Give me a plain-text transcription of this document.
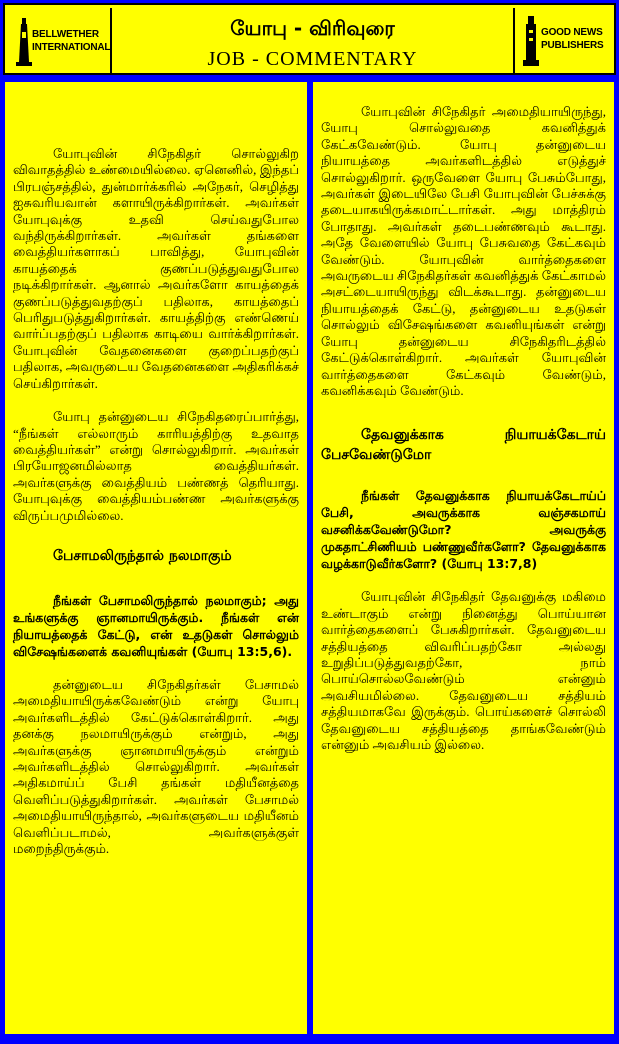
BELLWETHER
INTERNATIONAL
யோபு - விரிவுரை
JOB - COMMENTARY
GOOD NEWS
PUBLISHERS

யோபுவின் சிநேகிதர் சொல்லுகிற விவாதத்தில் உண்மையில்லை. ஏனெனில், இந்தப் பிரபஞ்சத்தில், துன்மார்க்கரில் அநேகர், செழித்து ஐசுவரியவான் களாயிருக்கிறார்கள். அவர்கள் யோபுவுக்கு உதவி செய்வதுபோல வந்திருக்கிறார்கள். அவர்கள் தங்களை வைத்தியர்களாகப் பாவித்து, யோபுவின் காயத்தைக் குணப்படுத்துவதுபோல நடிக்கிறார்கள். ஆனால் அவர்களோ காயத்தைக் குணப்படுத்துவதற்குப் பதிலாக, காயத்தைப் பெரிதுபடுத்துகிறார்கள். காயத்திற்கு எண்ணெய் வார்ப்பதற்குப் பதிலாக காடியை வார்க்கிறார்கள். யோபுவின் வேதனைகளை குறைப்பதற்குப் பதிலாக, அவருடைய வேதனைகளை அதிகரிக்கச் செய்கிறார்கள்.

யோபு தன்னுடைய சிநேகிதரைப்பார்த்து, “நீங்கள் எல்லாரும் காரியத்திற்கு உதவாத வைத்தியர்கள்” என்று சொல்லுகிறார். அவர்கள் பிரயோஜனமில்லாத வைத்தியர்கள். அவர்களுக்கு வைத்தியம் பண்ணத் தெரியாது. யோபுவுக்கு வைத்தியம்பண்ண அவர்களுக்கு விருப்பமுமில்லை.

பேசாமலிருந்தால் நலமாகும்

நீங்கள் பேசாமலிருந்தால் நலமாகும்; அது உங்களுக்கு ஞானமாயிருக்கும். நீங்கள் என் நியாயத்தைக் கேட்டு, என் உதடுகள் சொல்லும் விசேஷங்களைக் கவனியுங்கள் (யோபு 13:5,6).

தன்னுடைய சிநேகிதர்கள் பேசாமல் அமைதியாயிருக்கவேண்டும் என்று யோபு அவர்களிடத்தில் கேட்டுக்கொள்கிறார். அது தனக்கு நலமாயிருக்கும் என்றும், அது அவர்களுக்கு ஞானமாயிருக்கும் என்றும் அவர்களிடத்தில் சொல்லுகிறார். அவர்கள் அதிகமாய்ப் பேசி தங்கள் மதியீனத்தை வெளிப்படுத்துகிறார்கள். அவர்கள் பேசாமல் அமைதியாயிருந்தால், அவர்களுடைய மதியீனம் வெளிப்படாமல், அவர்களுக்குள் மறைந்திருக்கும்.

யோபுவின் சிநேகிதர் அமைதியாயிருந்து, யோபு சொல்லுவதை கவனித்துக் கேட்கவேண்டும். யோபு தன்னுடைய நியாயத்தை அவர்களிடத்தில் எடுத்துச் சொல்லுகிறார். ஒருவேளை யோபு பேசும்போது, அவர்கள் இடையிலே பேசி யோபுவின் பேச்சுக்கு தடையாகயிருக்கமாட்டார்கள். அது மாத்திரம் போதாது. அவர்கள் தடைபண்ணவும் கூடாது. அதே வேளையில் யோபு பேசுவதை கேட்கவும் வேண்டும். யோபுவின் வார்த்தைகளை அவருடைய சிநேகிதர்கள் கவனித்துக் கேட்காமல் அசட்டையாயிருந்து விடக்கூடாது. தன்னுடைய நியாயத்தைக் கேட்டு, தன்னுடைய உதடுகள் சொல்லும் விசேஷங்களை கவனியுங்கள் என்று யோபு தன்னுடைய சிநேகிதரிடத்தில் கேட்டுக்கொள்கிறார். அவர்கள் யோபுவின் வார்த்தைகளை கேட்கவும் வேண்டும், கவனிக்கவும் வேண்டும்.

தேவனுக்காக நியாயக்கேடாய் பேசவேண்டுமோ

நீங்கள் தேவனுக்காக நியாயக்கேடாய்ப் பேசி, அவருக்காக வஞ்சகமாய் வசனிக்கவேண்டுமோ? அவருக்கு முகதாட்சிணியம் பண்ணுவீர்களோ? தேவனுக்காக வழக்காடுவீர்களோ? (யோபு 13:7,8)

யோபுவின் சிநேகிதர் தேவனுக்கு மகிமை உண்டாகும் என்று நினைத்து பொய்யான வார்த்தைகளைப் பேசுகிறார்கள். தேவனுடைய சத்தியத்தை விவரிப்பதற்கோ அல்லது உறுதிப்படுத்துவதற்கோ, நாம் பொய்சொல்லவேண்டும் என்னும் அவசியமில்லை. தேவனுடைய சத்தியம் சத்தியமாகவே இருக்கும். பொய்களைச் சொல்லி தேவனுடைய சத்தியத்தை தாங்கவேண்டும் என்னும் அவசியம் இல்லை.
